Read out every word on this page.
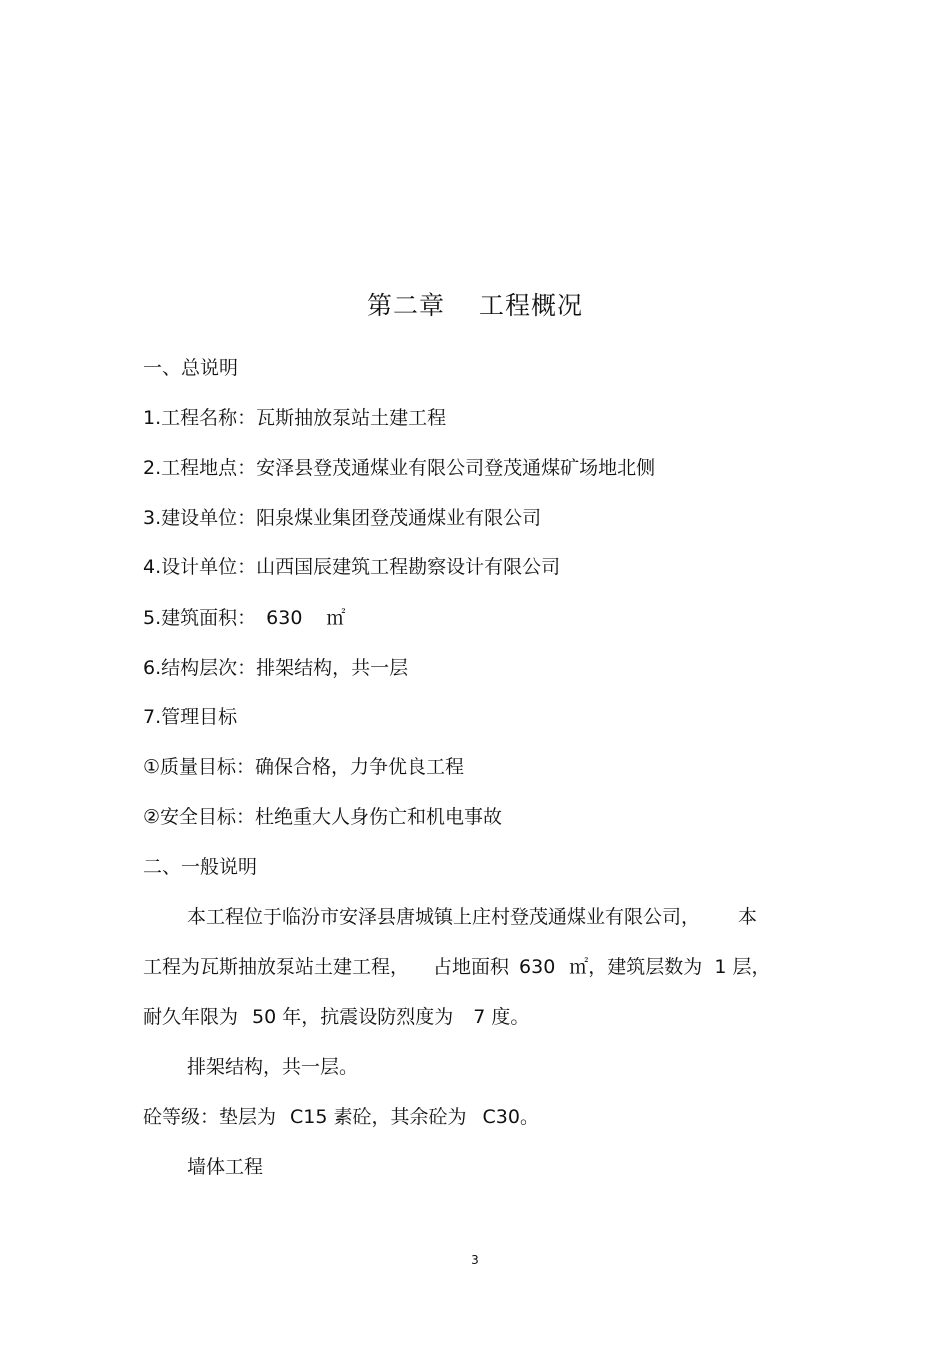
第二章 工程概况
一、总说明
1.工程名称：瓦斯抽放泵站土建工程
2.工程地点：安泽县登茂通煤业有限公司登茂通煤矿场地北侧
3.建设单位：阳泉煤业集团登茂通煤业有限公司
4.设计单位：山西国辰建筑工程勘察设计有限公司
5.建筑面积： 630 ㎡
6.结构层次：排架结构，共一层
7.管理目标
①质量目标：确保合格，力争优良工程
②安全目标：杜绝重大人身伤亡和机电事故
二、一般说明
本工程位于临汾市安泽县唐城镇上庄村登茂通煤业有限公司， 本
工程为瓦斯抽放泵站土建工程， 占地面积 630 ㎡，建筑层数为 1 层，
耐久年限为 50 年，抗震设防烈度为 7 度。
排架结构，共一层。
砼等级：垫层为 C15 素砼，其余砼为 C30。
墙体工程
3
